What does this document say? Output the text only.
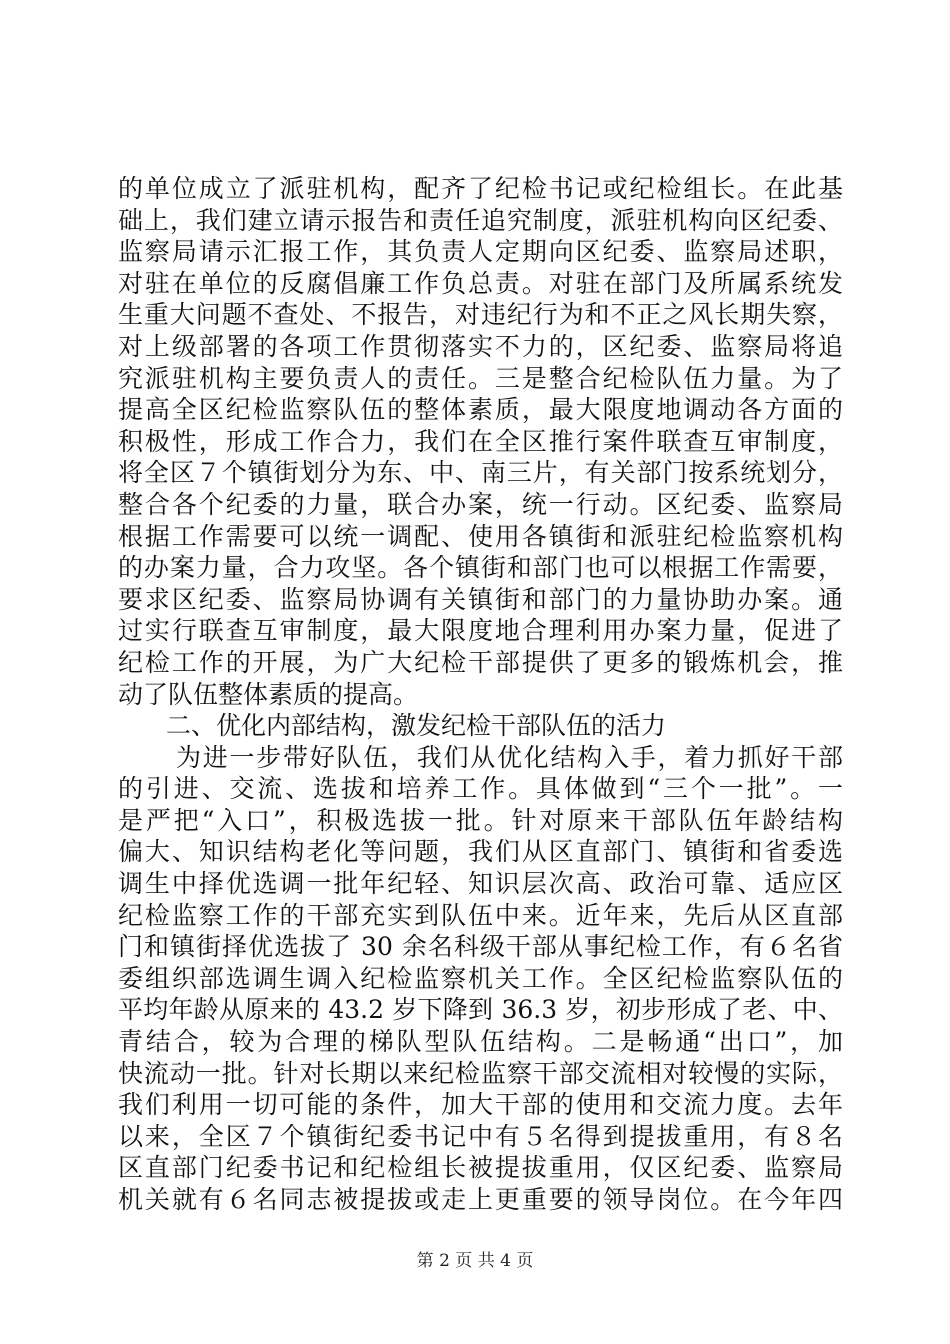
的单位成立了派驻机构，配齐了纪检书记或纪检组长。在此基
础上，我们建立请示报告和责任追究制度，派驻机构向区纪委、
监察局请示汇报工作，其负责人定期向区纪委、监察局述职，
对驻在单位的反腐倡廉工作负总责。对驻在部门及所属系统发
生重大问题不查处、不报告，对违纪行为和不正之风长期失察，
对上级部署的各项工作贯彻落实不力的，区纪委、监察局将追
究派驻机构主要负责人的责任。三是整合纪检队伍力量。为了
提高全区纪检监察队伍的整体素质，最大限度地调动各方面的
积极性，形成工作合力，我们在全区推行案件联查互审制度，
将全区７个镇街划分为东、中、南三片，有关部门按系统划分，
整合各个纪委的力量，联合办案，统一行动。区纪委、监察局
根据工作需要可以统一调配、使用各镇街和派驻纪检监察机构
的办案力量，合力攻坚。各个镇街和部门也可以根据工作需要，
要求区纪委、监察局协调有关镇街和部门的力量协助办案。通
过实行联查互审制度，最大限度地合理利用办案力量，促进了
纪检工作的开展，为广大纪检干部提供了更多的锻炼机会，推
动了队伍整体素质的提高。
二、优化内部结构，激发纪检干部队伍的活力
为进一步带好队伍，我们从优化结构入手，着力抓好干部
的引进、交流、选拔和培养工作。具体做到“三个一批”。一
是严把“入口”，积极选拔一批。针对原来干部队伍年龄结构
偏大、知识结构老化等问题，我们从区直部门、镇街和省委选
调生中择优选调一批年纪轻、知识层次高、政治可靠、适应区
纪检监察工作的干部充实到队伍中来。近年来，先后从区直部
门和镇街择优选拔了 30 余名科级干部从事纪检工作，有６名省
委组织部选调生调入纪检监察机关工作。全区纪检监察队伍的
平均年龄从原来的 43.2 岁下降到 36.3 岁，初步形成了老、中、
青结合，较为合理的梯队型队伍结构。二是畅通“出口”，加
快流动一批。针对长期以来纪检监察干部交流相对较慢的实际，
我们利用一切可能的条件，加大干部的使用和交流力度。去年
以来，全区７个镇街纪委书记中有５名得到提拔重用，有８名
区直部门纪委书记和纪检组长被提拔重用，仅区纪委、监察局
机关就有６名同志被提拔或走上更重要的领导岗位。在今年四
第 2 页 共 4 页
